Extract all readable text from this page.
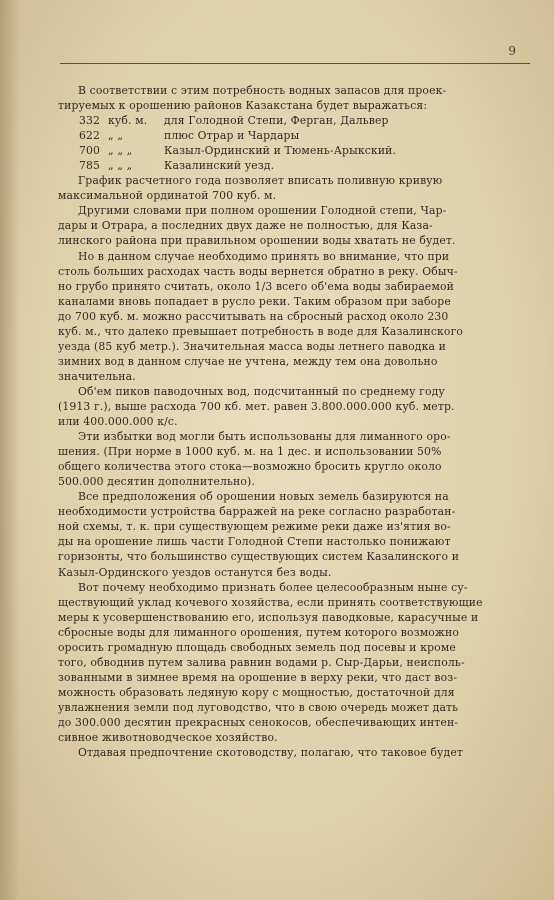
9
В соответствии с этим потребность водных запасов для проек-
тируемых к орошению районов Казакстана будет выражаться:
332 куб. м.	для Голодной Степи, Ферган, Дальвер
622 „ „	плюс Отрар и Чардары
700 „ „ „	Казыл-Ординский и Тюмень-Арыкский.
785 „ „ „	Казалинский уезд.
График расчетного года позволяет вписать поливную кривую
максимальной ординатой 700 куб. м.
Другими словами при полном орошении Голодной степи, Чар-
дары и Отрара, а последних двух даже не полностью, для Каза-
линского района при правильном орошении воды хватать не будет.
Но в данном случае необходимо принять во внимание, что при
столь больших расходах часть воды вернется обратно в реку. Обыч-
но грубо принято считать, около 1/3 всего об'ема воды забираемой
каналами вновь попадает в русло реки. Таким образом при заборе
до 700 куб. м. можно рассчитывать на сбросный расход около 230
куб. м., что далеко превышает потребность в воде для Казалинского
уезда (85 куб метр.). Значительная масса воды летнего паводка и
зимних вод в данном случае не учтена, между тем она довольно
значительна.
Об'ем пиков паводочных вод, подсчитанный по среднему году
(1913 г.), выше расхода 700 кб. мет. равен 3.800.000.000 куб. метр.
или 400.000.000 к/с.
Эти избытки вод могли быть использованы для лиманного оро-
шения. (При норме в 1000 куб. м. на 1 дес. и использовании 50%
общего количества этого стока—возможно бросить кругло около
500.000 десятин дополнительно).
Все предположения об орошении новых земель базируются на
необходимости устройства барражей на реке согласно разработан-
ной схемы, т. к. при существующем режиме реки даже из'ятия во-
ды на орошение лишь части Голодной Степи настолько понижают
горизонты, что большинство существующих систем Казалинского и
Казыл-Ординского уездов останутся без воды.
Вот почему необходимо признать более целесообразным ныне су-
ществующий уклад кочевого хозяйства, если принять соответствующие
меры к усовершенствованию его, используя паводковые, карасучные и
сбросные воды для лиманного орошения, путем которого возможно
оросить громадную площадь свободных земель под посевы и кроме
того, обводнив путем залива равнин водами р. Сыр-Дарьи, неисполь-
зованными в зимнее время на орошение в верху реки, что даст воз-
можность образовать ледяную кору с мощностью, достаточной для
увлажнения земли под луговодство, что в свою очередь может дать
до 300.000 десятин прекрасных сенокосов, обеспечивающих интен-
сивное животноводческое хозяйство.
Отдавая предпочтение скотоводству, полагаю, что таковое будет
